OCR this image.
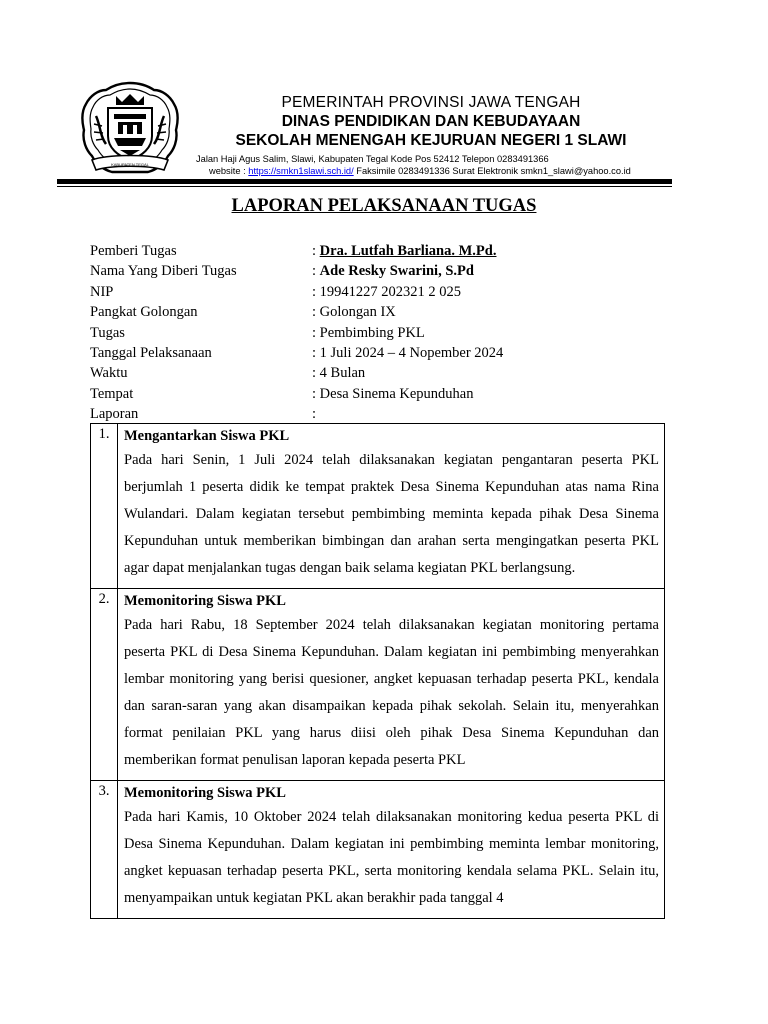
KABUPATEN TEGAL
PEMERINTAH PROVINSI JAWA TENGAH
DINAS PENDIDIKAN DAN KEBUDAYAAN
SEKOLAH MENENGAH KEJURUAN NEGERI 1 SLAWI
Jalan Haji Agus Salim, Slawi, Kabupaten Tegal Kode Pos 52412 Telepon 0283491366
website : https://smkn1slawi.sch.id/ Faksimile 0283491336 Surat Elektronik smkn1_slawi@yahoo.co.id
LAPORAN PELAKSANAAN TUGAS
Pemberi Tugas	: Dra. Lutfah Barliana. M.Pd.
Nama Yang Diberi Tugas	: Ade Resky Swarini, S.Pd
NIP	: 19941227 202321 2 025
Pangkat Golongan	: Golongan IX
Tugas	: Pembimbing PKL
Tanggal Pelaksanaan	: 1 Juli 2024 – 4 Nopember 2024
Waktu	: 4 Bulan
Tempat	: Desa Sinema Kepunduhan
Laporan	:
1.	Mengantarkan Siswa PKL
Pada hari Senin, 1 Juli 2024 telah dilaksanakan kegiatan pengantaran peserta PKL berjumlah 1 peserta didik ke tempat praktek Desa Sinema Kepunduhan atas nama Rina Wulandari. Dalam kegiatan tersebut pembimbing meminta kepada pihak Desa Sinema Kepunduhan untuk memberikan bimbingan dan arahan serta mengingatkan peserta PKL agar dapat menjalankan tugas dengan baik selama kegiatan PKL berlangsung.

2.	Memonitoring Siswa PKL
Pada hari Rabu, 18 September 2024 telah dilaksanakan kegiatan monitoring pertama peserta PKL di Desa Sinema Kepunduhan. Dalam kegiatan ini pembimbing menyerahkan lembar monitoring yang berisi quesioner, angket kepuasan terhadap peserta PKL, kendala dan saran-saran yang akan disampaikan kepada pihak sekolah. Selain itu, menyerahkan format penilaian PKL yang harus diisi oleh pihak Desa Sinema Kepunduhan dan memberikan format penulisan laporan kepada peserta PKL

3.	Memonitoring Siswa PKL
Pada hari Kamis, 10 Oktober 2024 telah dilaksanakan monitoring kedua peserta PKL di Desa Sinema Kepunduhan. Dalam kegiatan ini pembimbing meminta lembar monitoring, angket kepuasan terhadap peserta PKL, serta monitoring kendala selama PKL. Selain itu, menyampaikan untuk kegiatan PKL akan berakhir pada tanggal 4
